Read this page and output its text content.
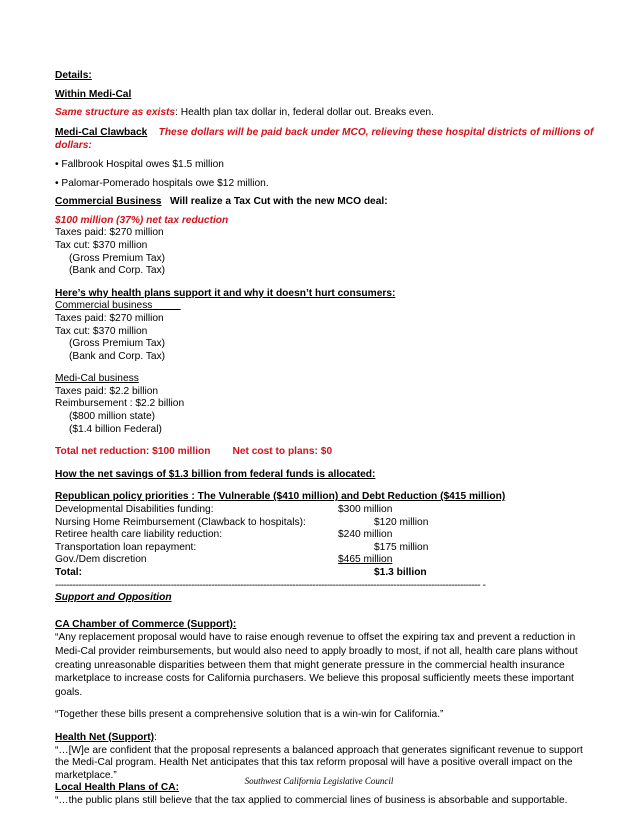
Details:

Within Medi-Cal

Same structure as exists: Health plan tax dollar in, federal dollar out. Breaks even.

Medi-Cal Clawback These dollars will be paid back under MCO, relieving these hospital districts of millions of dollars:

• Fallbrook Hospital owes $1.5 million

• Palomar-Pomerado hospitals owe $12 million.

Commercial Business Will realize a Tax Cut with the new MCO deal:

$100 million (37%) net tax reduction

Taxes paid: $270 million

Tax cut: $370 million

(Gross Premium Tax)

(Bank and Corp. Tax)

Here’s why health plans support it and why it doesn’t hurt consumers:

Commercial business

Taxes paid: $270 million

Tax cut: $370 million

(Gross Premium Tax)

(Bank and Corp. Tax)

Medi-Cal business

Taxes paid: $2.2 billion

Reimbursement : $2.2 billion

($800 million state)

($1.4 billion Federal)

Total net reduction: $100 million Net cost to plans: $0

How the net savings of $1.3 billion from federal funds is allocated:

Republican policy priorities : The Vulnerable ($410 million) and Debt Reduction ($415 million)

Developmental Disabilities funding:	$300 million
Nursing Home Reimbursement (Clawback to hospitals):	$120 million
Retiree health care liability reduction:	$240 million
Transportation loan repayment:	$175 million
Gov./Dem discretion	$465 million
Total:	$1.3 billion

--------------------------------------------------------------------------------------------------------------------------------------------------- -

Support and Opposition

CA Chamber of Commerce (Support):

“Any replacement proposal would have to raise enough revenue to offset the expiring tax and prevent a reduction in Medi-Cal provider reimbursements, but would also need to apply broadly to most, if not all, health care plans without creating unreasonable disparities between them that might generate pressure in the commercial health insurance marketplace to increase costs for California purchasers. We believe this proposal sufficiently meets these important goals.

“Together these bills present a comprehensive solution that is a win-win for California.”

Health Net (Support):

“…[W]e are confident that the proposal represents a balanced approach that generates significant revenue to support the Medi-Cal program. Health Net anticipates that this tax reform proposal will have a positive overall impact on the marketplace.”

Local Health Plans of CA:

“…the public plans still believe that the tax applied to commercial lines of business is absorbable and supportable.

Southwest California Legislative Council
